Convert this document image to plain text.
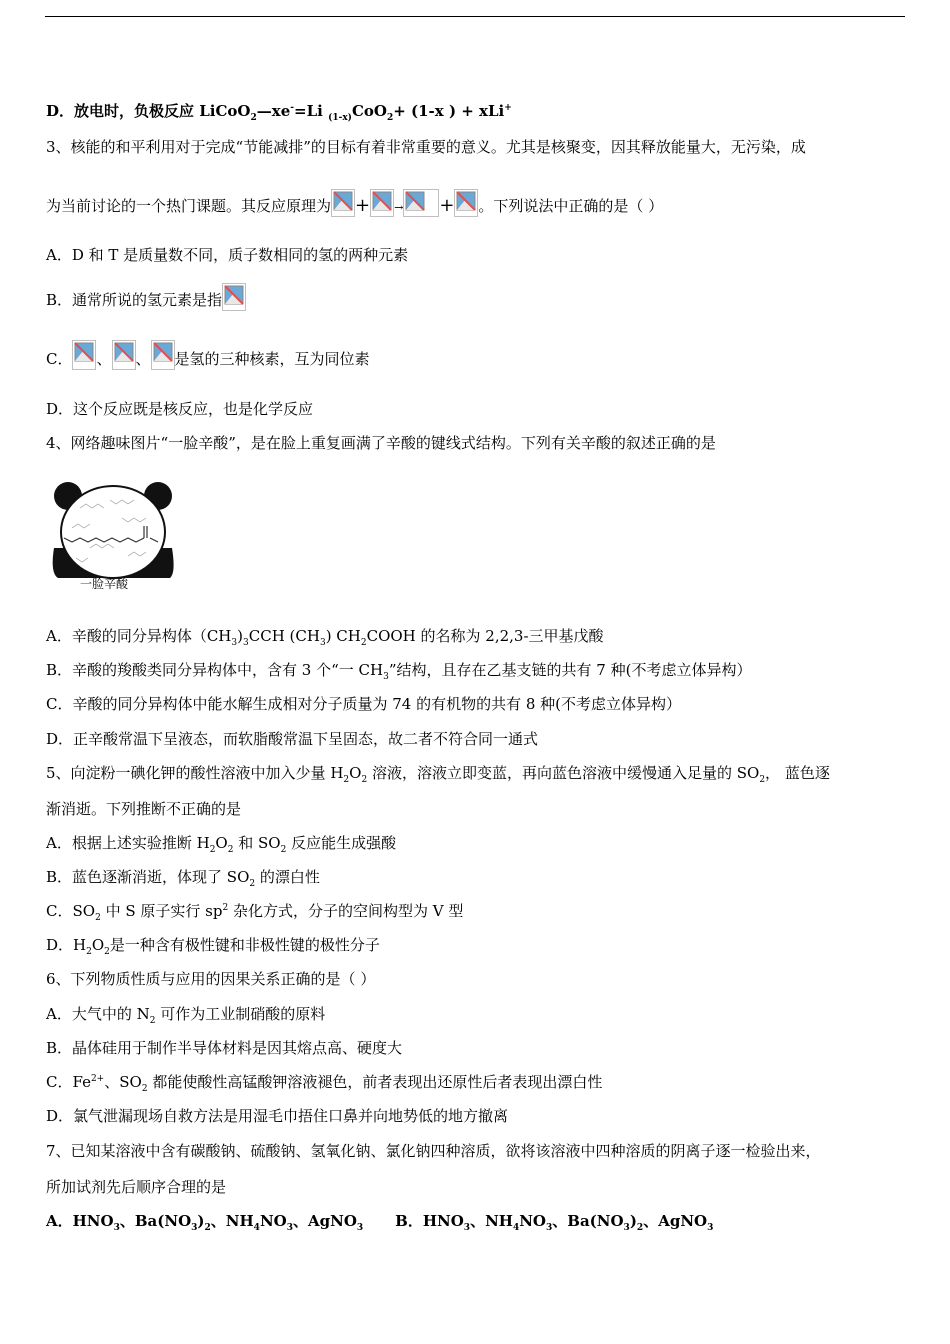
D．放电时，负极反应 LiCoO$_2$—xe-=Li $_{(1-x)}$CoO$_2$+ (1-x ) + xLi+
3、核能的和平利用对于完成“节能减排”的目标有着非常重要的意义。尤其是核聚变，因其释放能量大，无污染，成
为当前讨论的一个热门课题。其反应原理为 + → + 。下列说法中正确的是（ ）
A．D 和 T 是质量数不同，质子数相同的氢的两种元素
B．通常所说的氢元素是指
C． 、 、 是氢的三种核素，互为同位素
D．这个反应既是核反应，也是化学反应
4、网络趣味图片“一脸辛酸”，是在脸上重复画满了辛酸的键线式结构。下列有关辛酸的叙述正确的是
一脸辛酸
A．辛酸的同分异构体$(CH_3)_3CCH$ $(CH_3)$ $CH_2COOH$ 的名称为 2,2,3-三甲基戊酸
B．辛酸的羧酸类同分异构体中，含有 3 个“一 $CH_3$”结构，且存在乙基支链的共有 7 种(不考虑立体异构）
C．辛酸的同分异构体中能水解生成相对分子质量为 74 的有机物的共有 8 种(不考虑立体异构）
D．正辛酸常温下呈液态，而软脂酸常温下呈固态，故二者不符合同一通式
5、向淀粉一碘化钾的酸性溶液中加入少量 $H_2O_2$ 溶液，溶液立即变蓝，再向蓝色溶液中缓慢通入足量的 $SO_2$， 蓝色逐
渐消逝。下列推断不正确的是
A．根据上述实验推断 $H_2O_2$ 和 $SO_2$ 反应能生成强酸
B．蓝色逐渐消逝，体现了 $SO_2$ 的漂白性
C．$SO_2$ 中 S 原子实行 $sp^2$ 杂化方式，分子的空间构型为 V 型
D．$H_2O_2$是一种含有极性键和非极性键的极性分子
6、下列物质性质与应用的因果关系正确的是（ ）
A．大气中的 $N_2$ 可作为工业制硝酸的原料
B．晶体硅用于制作半导体材料是因其熔点高、硬度大
C．$Fe^{2+}$、$SO_2$ 都能使酸性高锰酸钾溶液褪色，前者表现出还原性后者表现出漂白性
D．氯气泄漏现场自救方法是用湿毛巾捂住口鼻并向地势低的地方撤离
7、已知某溶液中含有碳酸钠、硫酸钠、氢氧化钠、氯化钠四种溶质，欲将该溶液中四种溶质的阴离子逐一检验出来，
所加试剂先后顺序合理的是
A．$HNO_3$、$Ba(NO_3)_2$、$NH_4NO_3$、AgNO$_3$ B．$HNO_3$、$NH_4NO_3$、$Ba(NO_3)_2$、AgNO$_3$
